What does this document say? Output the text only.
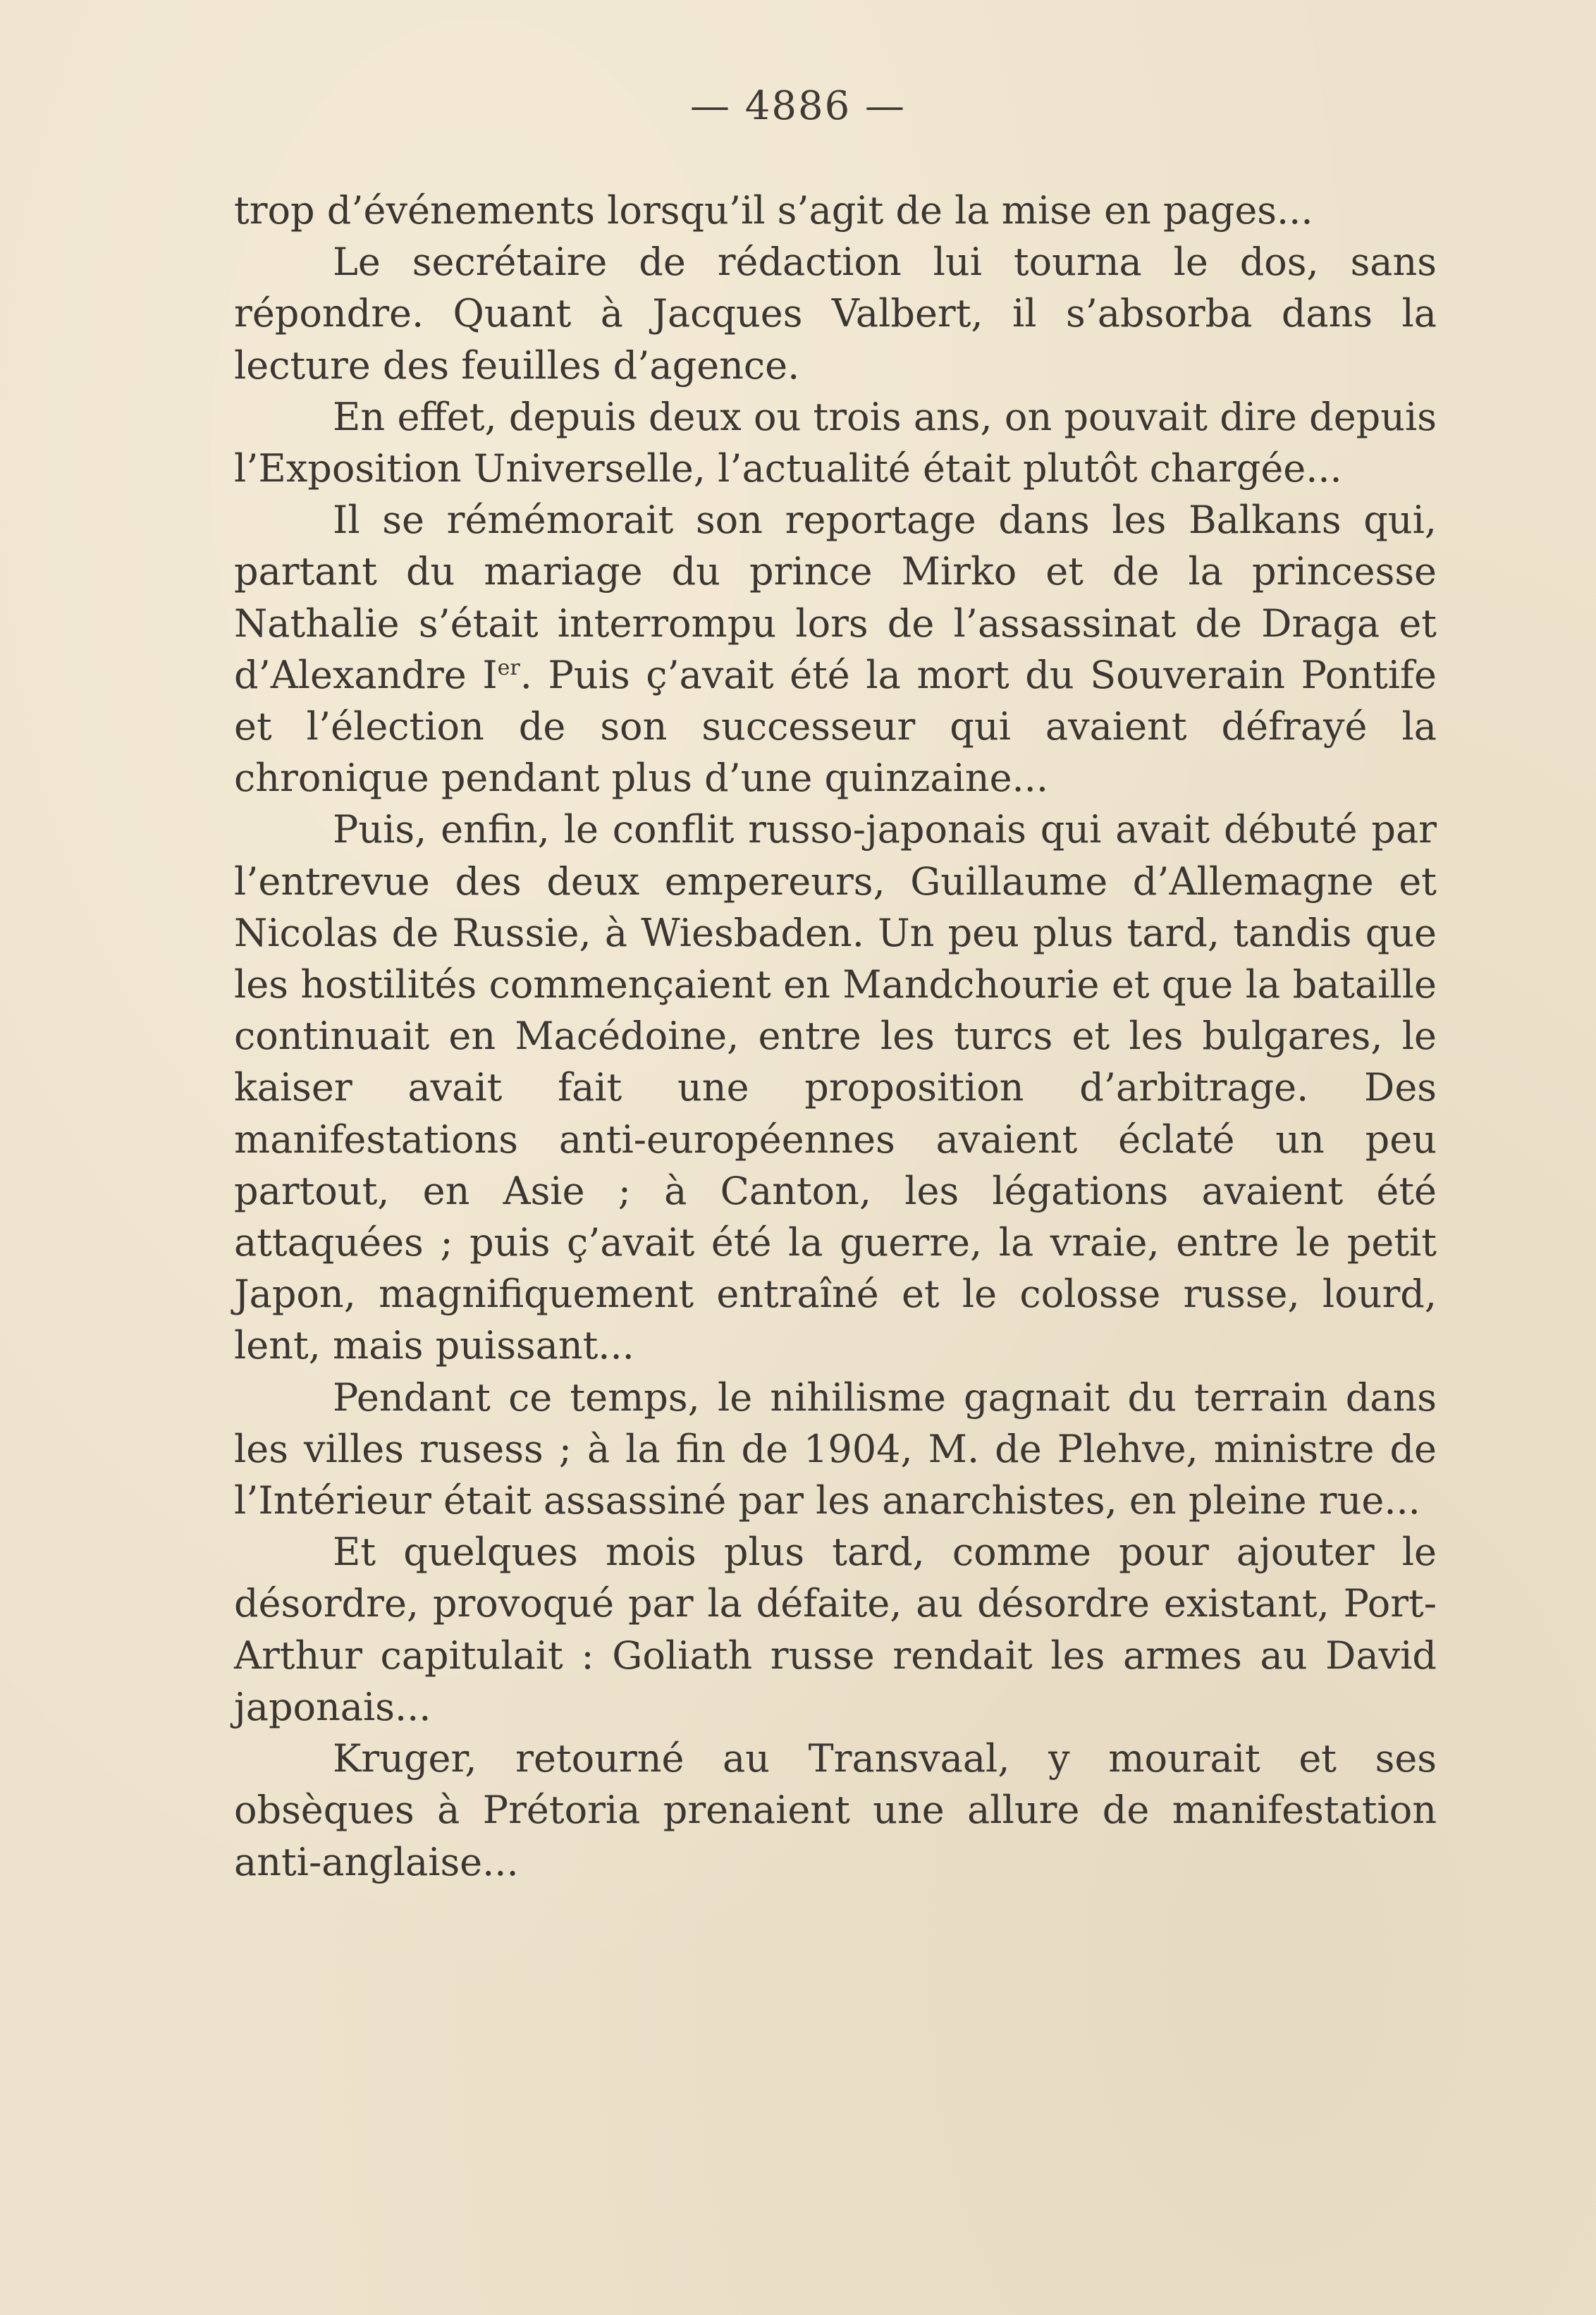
— 4886 —

trop d’événements lorsqu’il s’agit de la mise en pages...

Le secrétaire de rédaction lui tourna le dos, sans répondre. Quant à Jacques Valbert, il s’absorba dans la lecture des feuilles d’agence.

En effet, depuis deux ou trois ans, on pouvait dire depuis l’Exposition Universelle, l’actualité était plutôt chargée...

Il se rémémorait son reportage dans les Balkans qui, partant du mariage du prince Mirko et de la princesse Nathalie s’était interrompu lors de l’assassinat de Draga et d’Alexandre Ier. Puis ç’avait été la mort du Souverain Pontife et l’élection de son successeur qui avaient défrayé la chronique pendant plus d’une quinzaine...

Puis, enfin, le conflit russo-japonais qui avait débuté par l’entrevue des deux empereurs, Guillaume d’Allemagne et Nicolas de Russie, à Wiesbaden. Un peu plus tard, tandis que les hostilités commençaient en Mandchourie et que la bataille continuait en Macédoine, entre les turcs et les bulgares, le kaiser avait fait une proposition d’arbitrage. Des manifestations anti-européennes avaient éclaté un peu partout, en Asie ; à Canton, les légations avaient été attaquées ; puis ç’avait été la guerre, la vraie, entre le petit Japon, magnifiquement entraîné et le colosse russe, lourd, lent, mais puissant...

Pendant ce temps, le nihilisme gagnait du terrain dans les villes rusess ; à la fin de 1904, M. de Plehve, ministre de l’Intérieur était assassiné par les anarchistes, en pleine rue...

Et quelques mois plus tard, comme pour ajouter le désordre, provoqué par la défaite, au désordre existant, Port-Arthur capitulait : Goliath russe rendait les armes au David japonais...

Kruger, retourné au Transvaal, y mourait et ses obsèques à Prétoria prenaient une allure de manifestation anti-anglaise...
